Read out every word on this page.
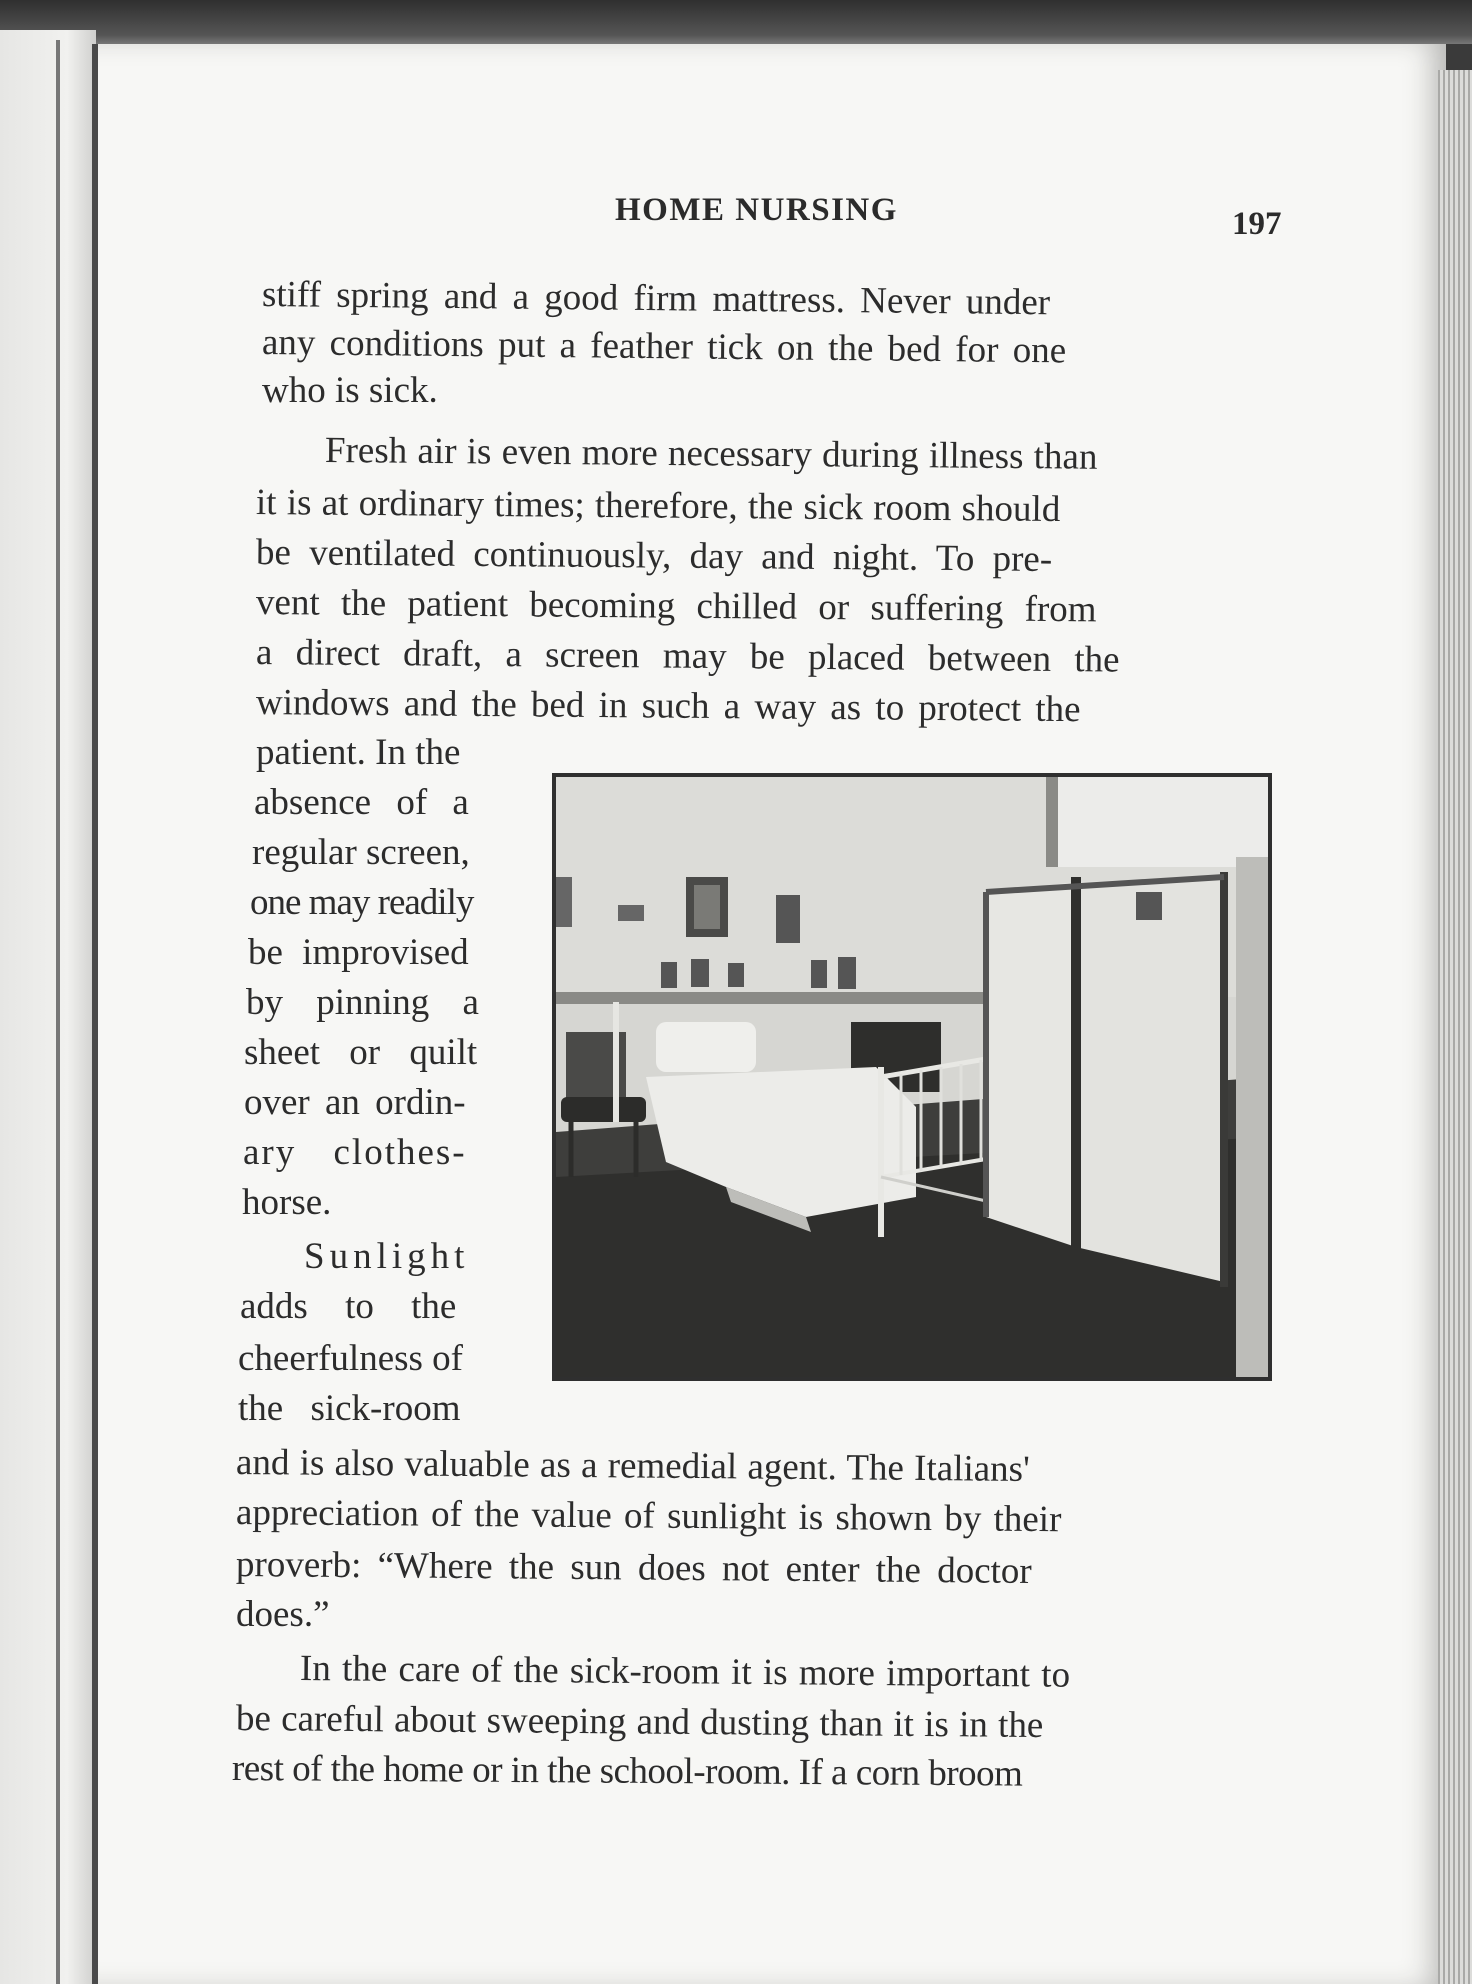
HOME NURSING	197
stiff spring and a good firm mattress. Never under
any conditions put a feather tick on the bed for one
who is sick.
Fresh air is even more necessary during illness than
it is at ordinary times; therefore, the sick room should
be ventilated continuously, day and night. To pre-
vent the patient becoming chilled or suffering from
a direct draft, a screen may be placed between the
windows and the bed in such a way as to protect the
patient. In the
absence of a
regular screen,
one may readily
be improvised
by pinning a
sheet or quilt
over an ordin-
ary clothes-
horse.
Sunlight
adds to the
cheerfulness of
the sick-room
and is also valuable as a remedial agent. The Italians'
appreciation of the value of sunlight is shown by their
proverb: “Where the sun does not enter the doctor
does.”
In the care of the sick-room it is more important to
be careful about sweeping and dusting than it is in the
rest of the home or in the school-room. If a corn broom
